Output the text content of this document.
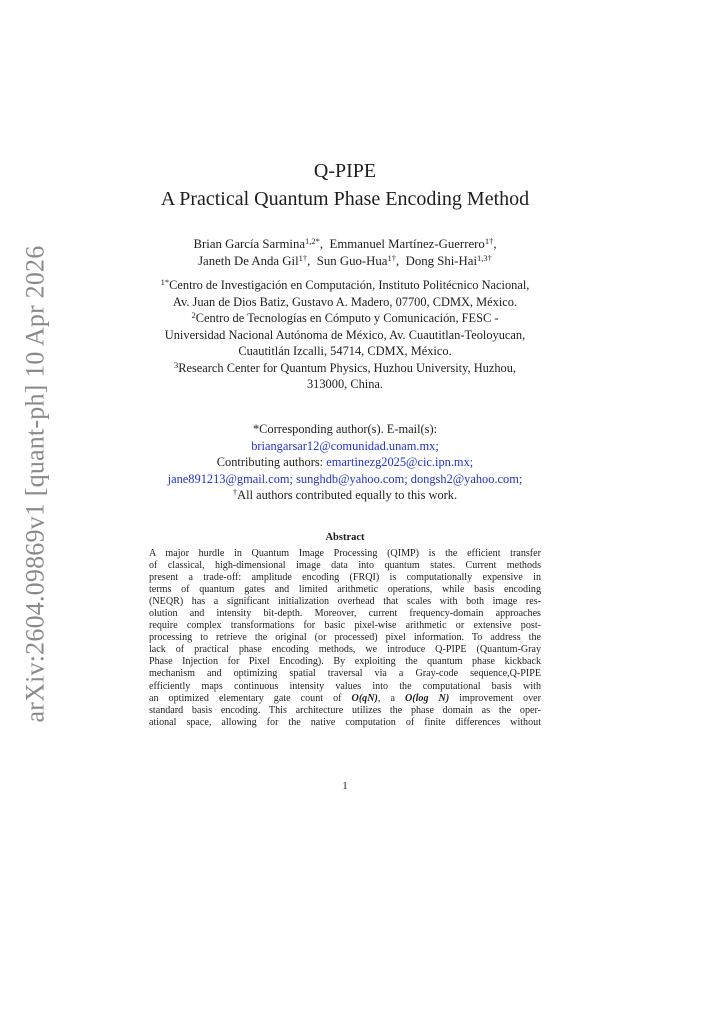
arXiv:2604.09869v1 [quant-ph] 10 Apr 2026
Q-PIPE
A Practical Quantum Phase Encoding Method
Brian García Sarmina$^{1,2*}$,  Emmanuel Martínez-Guerrero$^{1\dagger}$,
Janeth De Anda Gil$^{1\dagger}$,  Sun Guo-Hua$^{1\dagger}$,  Dong Shi-Hai$^{1,3\dagger}$
$^{1*}$Centro de Investigación en Computación, Instituto Politécnico Nacional,
Av. Juan de Dios Batiz, Gustavo A. Madero, 07700, CDMX, México.
$^2$Centro de Tecnologías en Cómputo y Comunicación, FESC -
Universidad Nacional Autónoma de México, Av. Cuautitlan-Teoloyucan,
Cuautitlán Izcalli, 54714, CDMX, México.
$^3$Research Center for Quantum Physics, Huzhou University, Huzhou,
313000, China.
*Corresponding author(s). E-mail(s):
briangarsar12@comunidad.unam.mx;
Contributing authors: emartinezg2025@cic.ipn.mx;
jane891213@gmail.com; sunghdb@yahoo.com; dongsh2@yahoo.com;
†All authors contributed equally to this work.
Abstract
A major hurdle in Quantum Image Processing (QIMP) is the efficient transfer
of classical, high-dimensional image data into quantum states. Current methods
present a trade-off: amplitude encoding (FRQI) is computationally expensive in
terms of quantum gates and limited arithmetic operations, while basis encoding
(NEQR) has a significant initialization overhead that scales with both image res-
olution and intensity bit-depth. Moreover, current frequency-domain approaches
require complex transformations for basic pixel-wise arithmetic or extensive post-
processing to retrieve the original (or processed) pixel information. To address the
lack of practical phase encoding methods, we introduce Q-PIPE (Quantum-Gray
Phase Injection for Pixel Encoding). By exploiting the quantum phase kickback
mechanism and optimizing spatial traversal via a Gray-code sequence,Q-PIPE
efficiently maps continuous intensity values into the computational basis with
an optimized elementary gate count of O(qN), a O(log N) improvement over
standard basis encoding. This architecture utilizes the phase domain as the oper-
ational space, allowing for the native computation of finite differences without
1
